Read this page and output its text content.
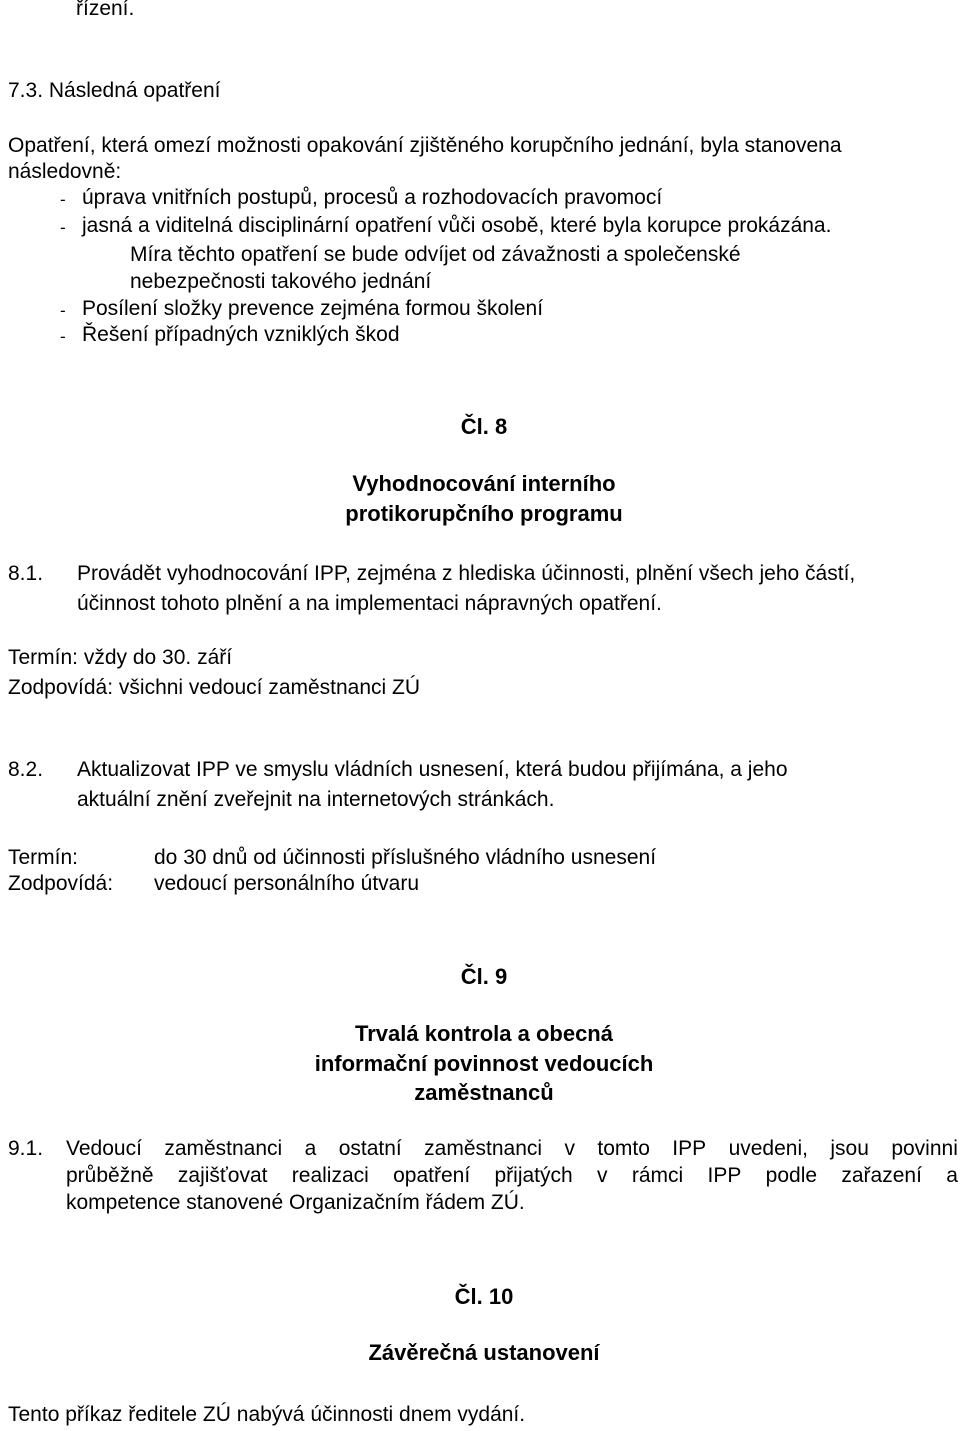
řízení.
7.3. Následná opatření
Opatření, která omezí možnosti opakování zjištěného korupčního jednání, byla stanovena
následovně:
- úprava vnitřních postupů, procesů a rozhodovacích pravomocí
- jasná a viditelná disciplinární opatření vůči osobě, které byla korupce prokázána.
Míra těchto opatření se bude odvíjet od závažnosti a společenské
nebezpečnosti takového jednání
- Posílení složky prevence zejména formou školení
- Řešení případných vzniklých škod
Čl. 8
Vyhodnocování interního
protikorupčního programu
8.1. Provádět vyhodnocování IPP, zejména z hlediska účinnosti, plnění všech jeho částí,
účinnost tohoto plnění a na implementaci nápravných opatření.
Termín: vždy do 30. září
Zodpovídá: všichni vedoucí zaměstnanci ZÚ
8.2. Aktualizovat IPP ve smyslu vládních usnesení, která budou přijímána, a jeho
aktuální znění zveřejnit na internetových stránkách.
Termín:	do 30 dnů od účinnosti příslušného vládního usnesení
Zodpovídá: vedoucí personálního útvaru
Čl. 9
Trvalá kontrola a obecná
informační povinnost vedoucích
zaměstnanců
9.1. Vedoucí zaměstnanci a ostatní zaměstnanci v tomto IPP uvedeni, jsou povinni
průběžně zajišťovat realizaci opatření přijatých v rámci IPP podle zařazení a
kompetence stanovené Organizačním řádem ZÚ.
Čl. 10
Závěrečná ustanovení
Tento příkaz ředitele ZÚ nabývá účinnosti dnem vydání.
